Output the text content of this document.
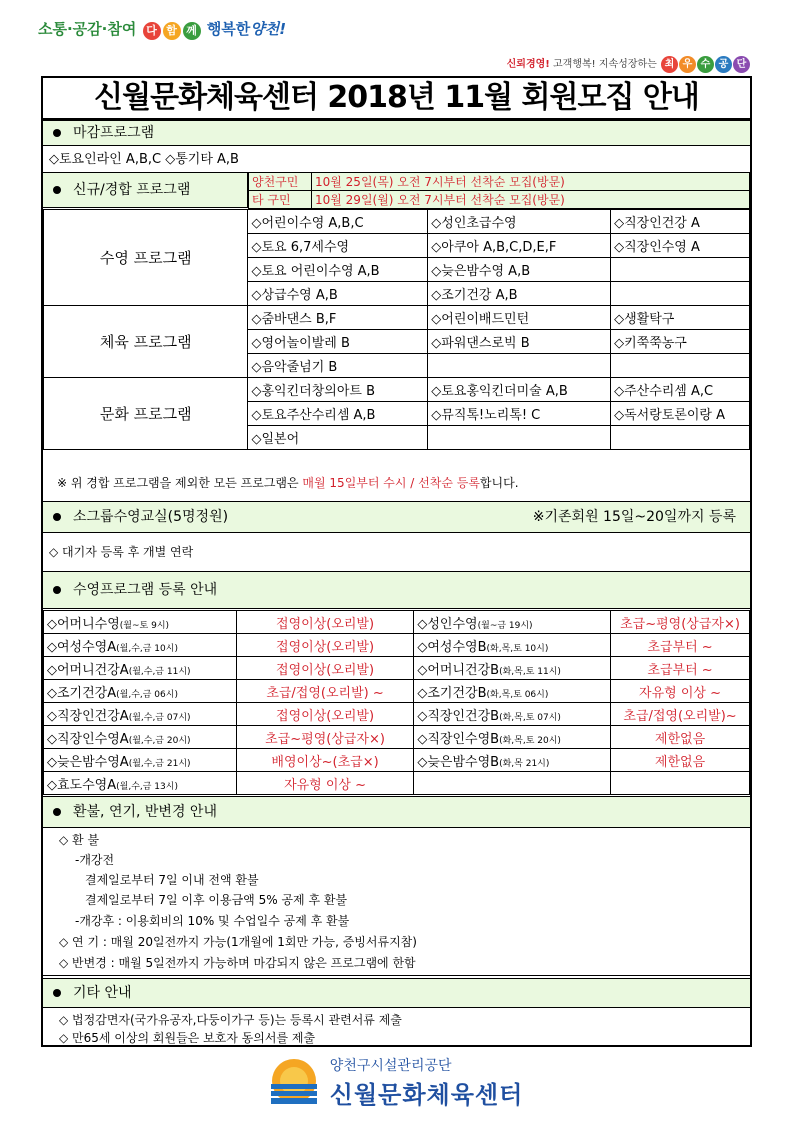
소통·공감·참여 다 함 께 행복한양천!
신뢰경영! 고객행복! 지속성장하는 최 우 수 공 단
신월문화체육센터 2018년 11월 회원모집 안내
마감프로그램
◇토요인라인 A,B,C ◇통기타 A,B
신규/경합 프로그램	양천구민	10월 25일(목) 오전 7시부터 선착순 모집(방문)
타 구민	10월 29일(월) 오전 7시부터 선착순 모집(방문)
수영 프로그램	◇어린이수영 A,B,C	◇성인초급수영	◇직장인건강 A
	◇토요 6,7세수영	◇아쿠아 A,B,C,D,E,F	◇직장인수영 A
	◇토요 어린이수영 A,B	◇늦은밤수영 A,B	
	◇상급수영 A,B	◇조기건강 A,B	
체육 프로그램	◇줌바댄스 B,F	◇어린이배드민턴	◇생활탁구
	◇영어놀이발레 B	◇파워댄스로빅 B	◇키쭉쭉농구
	◇음악줄넘기 B		
문화 프로그램	◇홍익킨더창의아트 B	◇토요홍익킨더미술 A,B	◇주산수리셈 A,C
	◇토요주산수리셈 A,B	◇뮤직톡!노리톡! C	◇독서랑토론이랑 A
	◇일본어		
※ 위 경합 프로그램을 제외한 모든 프로그램은 매월 15일부터 수시 / 선착순 등록합니다.
소그룹수영교실(5명정원)	※기존회원 15일~20일까지 등록
◇ 대기자 등록 후 개별 연락
수영프로그램 등록 안내
◇어머니수영(월~토 9시)	접영이상(오리발)	◇성인수영(월~금 19시)	초급~평영(상급자×)
◇여성수영A(월,수,금 10시)	접영이상(오리발)	◇여성수영B(화,목,토 10시)	초급부터 ~
◇어머니건강A(월,수,금 11시)	접영이상(오리발)	◇어머니건강B(화,목,토 11시)	초급부터 ~
◇조기건강A(월,수,금 06시)	초급/접영(오리발) ~	◇조기건강B(화,목,토 06시)	자유형 이상 ~
◇직장인건강A(월,수,금 07시)	접영이상(오리발)	◇직장인건강B(화,목,토 07시)	초급/접영(오리발)~
◇직장인수영A(월,수,금 20시)	초급~평영(상급자×)	◇직장인수영B(화,목,토 20시)	제한없음
◇늦은밤수영A(월,수,금 21시)	배영이상~(초급×)	◇늦은밤수영B(화,목 21시)	제한없음
◇효도수영A(월,수,금 13시)	자유형 이상 ~		
환불, 연기, 반변경 안내
◇ 환 불
-개강전
결제일로부터 7일 이내 전액 환불
결제일로부터 7일 이후 이용금액 5% 공제 후 환불
-개강후 : 이용회비의 10% 및 수업일수 공제 후 환불
◇ 연 기 : 매월 20일전까지 가능(1개월에 1회만 가능, 증빙서류지참)
◇ 반변경 : 매월 5일전까지 가능하며 마감되지 않은 프로그램에 한함
기타 안내
◇ 법정감면자(국가유공자,다둥이가구 등)는 등록시 관련서류 제출
◇ 만65세 이상의 회원들은 보호자 동의서를 제출

양천구시설관리공단
신월문화체육센터
